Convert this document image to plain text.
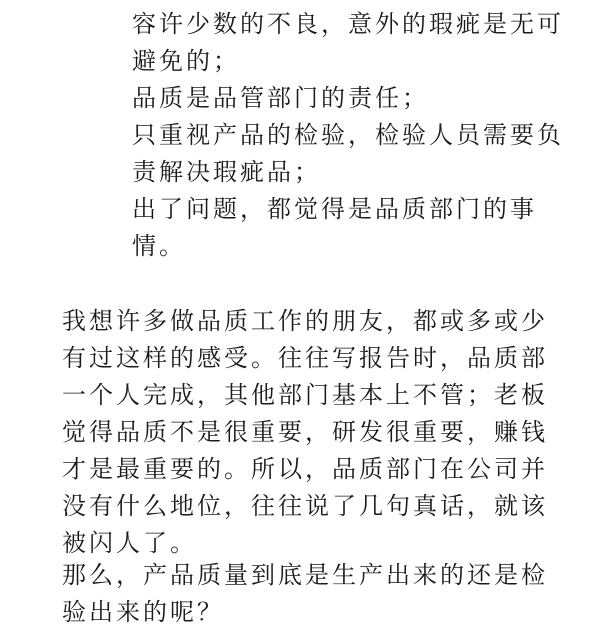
容许少数的不良，意外的瑕疵是无可避免的；

品质是品管部门的责任；

只重视产品的检验，检验人员需要负责解决瑕疵品；

出了问题，都觉得是品质部门的事情。

我想许多做品质工作的朋友，都或多或少有过这样的感受。往往写报告时，品质部一个人完成，其他部门基本上不管；老板觉得品质不是很重要，研发很重要，赚钱才是最重要的。所以，品质部门在公司并没有什么地位，往往说了几句真话，就该被闪人了。

那么，产品质量到底是生产出来的还是检验出来的呢？
